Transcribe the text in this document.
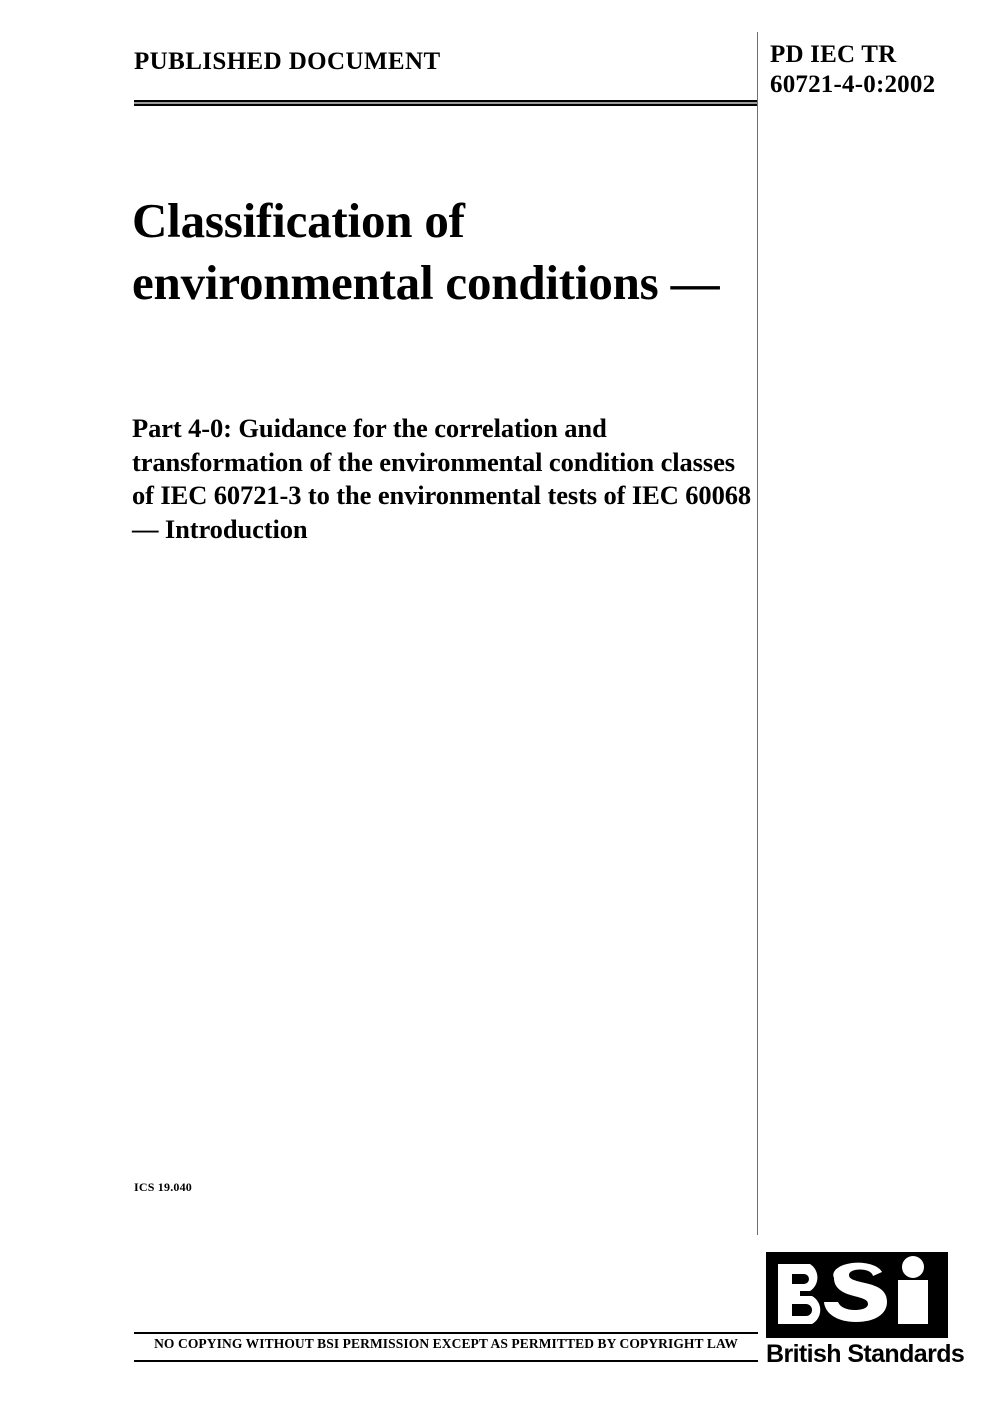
PUBLISHED DOCUMENT	PD IEC TR
60721-4-0:2002
Classification of environmental conditions —

Part 4-0: Guidance for the correlation and transformation of the environmental condition classes of IEC 60721-3 to the environmental tests of IEC 60068 — Introduction

ICS 19.040
NO COPYING WITHOUT BSI PERMISSION EXCEPT AS PERMITTED BY COPYRIGHT LAW	British Standards
